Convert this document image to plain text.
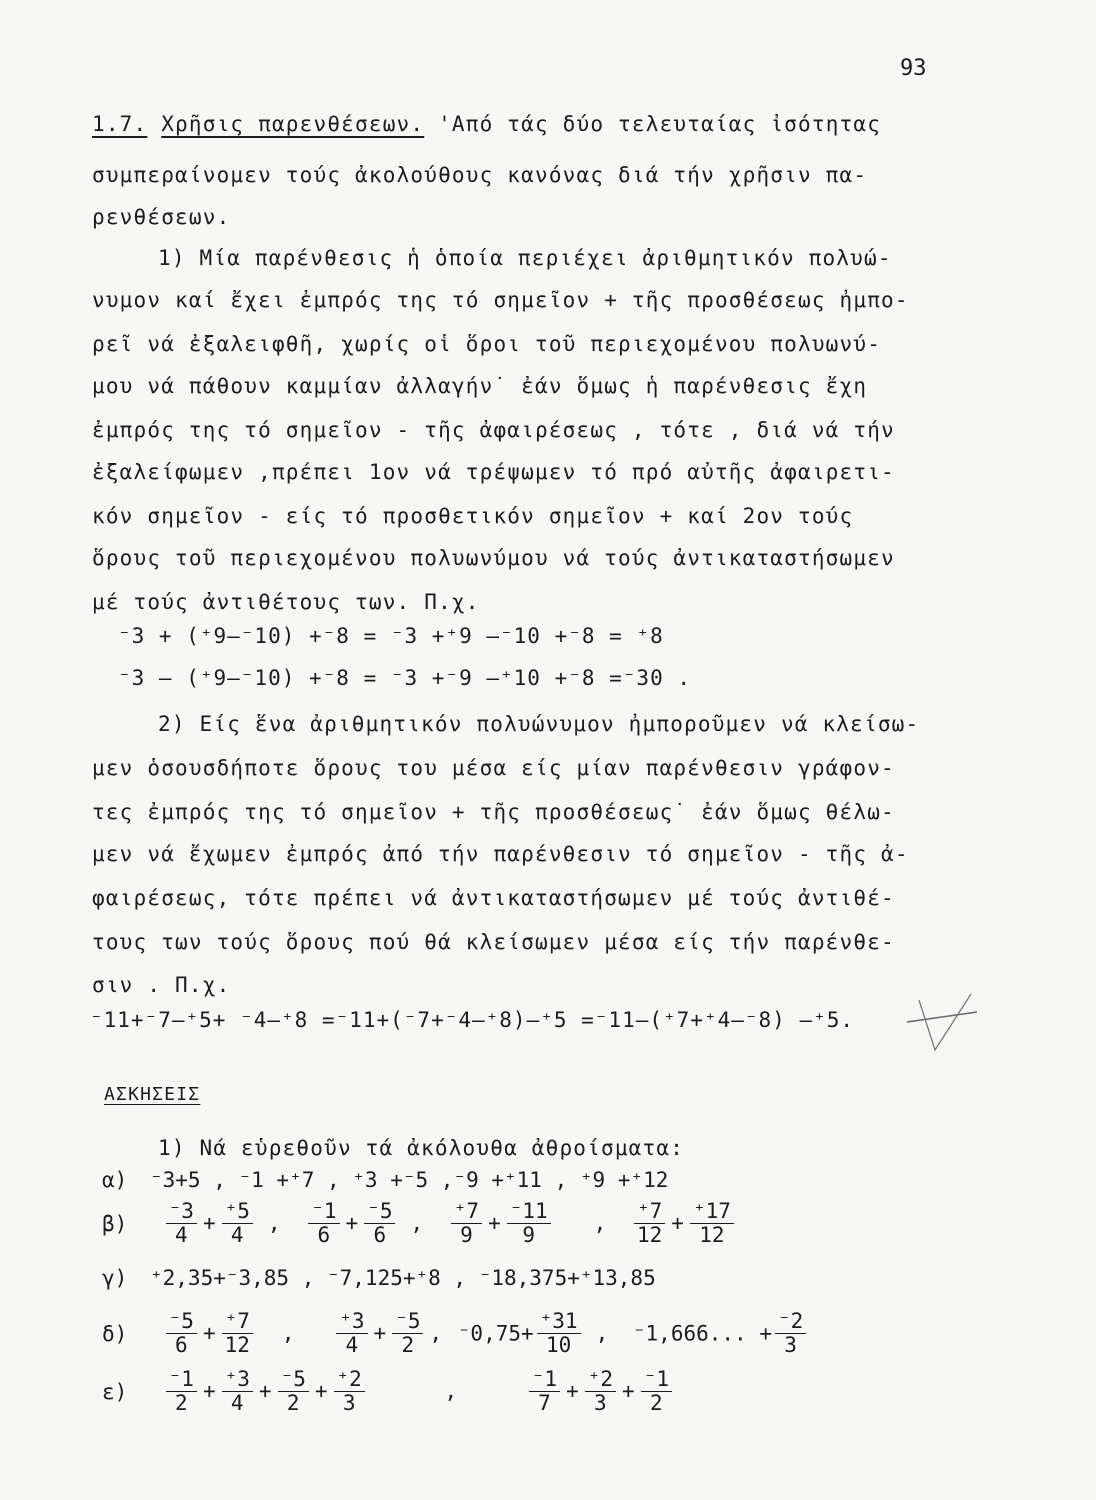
93
1.7. Χρῆσις παρενθέσεων. 'Από τάς δύο τελευταίας ἰσότητας
συμπεραίνομεν τούς ἀκολούθους κανόνας διά τήν χρῆσιν πα-
ρενθέσεων.
1) Μία παρένθεσις ἡ ὁποία περιέχει ἀριθμητικόν πολυώ-
νυμον καί ἔχει ἐμπρός της τό σημεῖον + τῆς προσθέσεως ἠμπο-
ρεῖ νά ἐξαλειφθῆ, χωρίς οἱ ὅροι τοῦ περιεχομένου πολυωνύ-
μου νά πάθουν καμμίαν ἀλλαγήν˙ ἐάν ὅμως ἡ παρένθεσις ἔχη
ἐμπρός της τό σημεῖον - τῆς ἀφαιρέσεως , τότε , διά νά τήν
ἐξαλείφωμεν ,πρέπει 1ον νά τρέψωμεν τό πρό αὐτῆς ἀφαιρετι-
κόν σημεῖον - είς τό προσθετικόν σημεῖον + καί 2ον τούς
ὅρους τοῦ περιεχομένου πολυωνύμου νά τούς ἀντικαταστήσωμεν
μέ τούς ἀντιθέτους των. Π.χ.
⁻3 + (⁺9–⁻10) +⁻8 = ⁻3 +⁺9 –⁻10 +⁻8 = ⁺8
⁻3 – (⁺9–⁻10) +⁻8 = ⁻3 +⁻9 –⁺10 +⁻8 =⁻30 .
2) Είς ἕνα ἀριθμητικόν πολυώνυμον ἠμποροῦμεν νά κλείσω-
μεν ὁσουσδήποτε ὅρους του μέσα είς μίαν παρένθεσιν γράφον-
τες ἐμπρός της τό σημεῖον + τῆς προσθέσεως˙ ἐάν ὅμως θέλω-
μεν νά ἔχωμεν ἐμπρός ἀπό τήν παρένθεσιν τό σημεῖον - τῆς ἀ-
φαιρέσεως, τότε πρέπει νά ἀντικαταστήσωμεν μέ τούς ἀντιθέ-
τους των τούς ὅρους πού θά κλείσωμεν μέσα είς τήν παρένθε-
σιν . Π.χ.
⁻11+⁻7–⁺5+ ⁻4–⁺8 =⁻11+(⁻7+⁻4–⁺8)–⁺5 =⁻11–(⁺7+⁺4–⁻8) –⁺5.
ΑΣΚΗΣΕΙΣ
1) Νά εὑρεθοῦν τά ἀκόλουθα ἀθροίσματα:
α) ⁻3+5 , ⁻1 +⁺7 , ⁺3 +⁻5 ,⁻9 +⁺11 , ⁺9 +⁺12
$\beta) \frac{^-3}{4} + \frac{^+5}{4}$ , $\frac{^-1}{6} + \frac{^-5}{6}$ , $\frac{^+7}{9} + \frac{^-11}{9}$ , $\frac{^+7}{12} + \frac{^+17}{12}$
γ) ⁺2,35+⁻3,85 , ⁻7,125+⁺8 , ⁻18,375+⁺13,85
$\delta) \frac{^-5}{6} + \frac{^+7}{12}$ , $\frac{^+3}{4} + \frac{^-5}{2}$ , $^-0,75+ \frac{^+31}{10}$ , ⁻1,666... + $\frac{^-2}{3}$
$\varepsilon) \frac{^-1}{2} + \frac{^+3}{4} + \frac{^-5}{2} + \frac{^+2}{3}$	,	$\frac{^-1}{7} + \frac{^+2}{3} + \frac{^-1}{2}$
